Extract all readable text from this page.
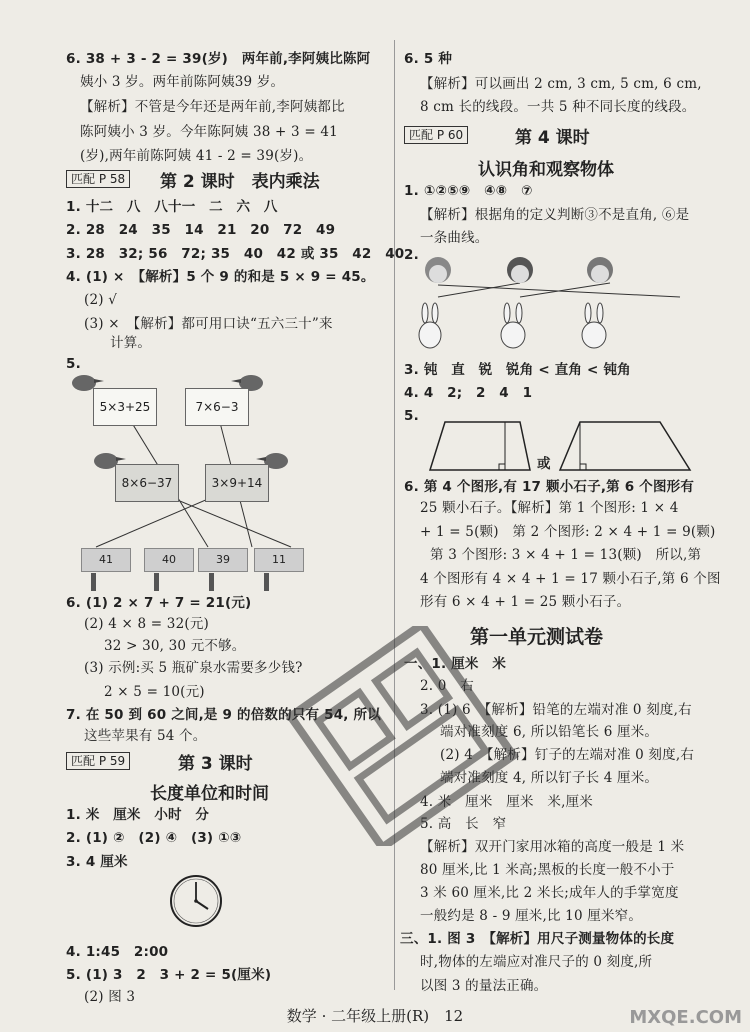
6. 38 + 3 - 2 = 39(岁)　两年前,李阿姨比陈阿
姨小 3 岁。两年前陈阿姨39 岁。
【解析】不管是今年还是两年前,李阿姨都比
陈阿姨小 3 岁。今年陈阿姨 38 + 3 = 41
(岁),两年前陈阿姨 41 - 2 = 39(岁)。
匹配 P 58 第 2 课时　表内乘法
1. 十二　八　八十一　二　六　八
2. 28　24　35　14　21　20　72　49
3. 28　32; 56　72; 35　40　42 或 35　42　40
4. (1) ×　【解析】5 个 9 的和是 5 × 9 = 45。
(2) √
(3) ×　【解析】都可用口诀“五六三十”来
计算。
5.
5×3+25	7×6−3
8×6−37	3×9+14
41	40	39	11
6. (1) 2 × 7 + 7 = 21(元)
(2) 4 × 8 = 32(元)
32 > 30, 30 元不够。
(3) 示例:买 5 瓶矿泉水需要多少钱?
2 × 5 = 10(元)
7. 在 50 到 60 之间,是 9 的倍数的只有 54, 所以
这些苹果有 54 个。
匹配 P 59	第 3 课时
长度单位和时间
1. 米　厘米　小时　分
2. (1) ②　(2) ④　(3) ①③
3. 4 厘米
4. 1:45　2:00
5. (1) 3　2　3 + 2 = 5(厘米)
(2) 图 3
6. 5 种
【解析】可以画出 2 cm, 3 cm, 5 cm, 6 cm,
8 cm 长的线段。一共 5 种不同长度的线段。
匹配 P 60	第 4 课时
认识角和观察物体
1. ①②⑤⑨　④⑧　⑦
【解析】根据角的定义判断③不是直角, ⑥是
一条曲线。
2.
3. 钝　直　锐　锐角 < 直角 < 钝角
4. 4　2;　2　4　1
5.
或
6. 第 4 个图形,有 17 颗小石子,第 6 个图形有
25 颗小石子。【解析】第 1 个图形: 1 × 4
+ 1 = 5(颗)　第 2 个图形: 2 × 4 + 1 = 9(颗)
第 3 个图形: 3 × 4 + 1 = 13(颗)　所以,第
4 个图形有 4 × 4 + 1 = 17 颗小石子,第 6 个图
形有 6 × 4 + 1 = 25 颗小石子。
第一单元测试卷
一、1. 厘米　米
2. 0　右
3. (1) 6　【解析】铅笔的左端对准 0 刻度,右
端对准刻度 6, 所以铅笔长 6 厘米。
(2) 4　【解析】钉子的左端对准 0 刻度,右
端对准刻度 4, 所以钉子长 4 厘米。
4. 米　厘米　厘米　米,厘米
5. 高　长　窄
【解析】双开门家用冰箱的高度一般是 1 米
80 厘米,比 1 米高;黑板的长度一般不小于
3 米 60 厘米,比 2 米长;成年人的手掌宽度
一般约是 8 - 9 厘米,比 10 厘米窄。
三、1. 图 3　【解析】用尺子测量物体的长度
时,物体的左端应对准尺子的 0 刻度,所
以图 3 的量法正确。
数学 · 二年级上册(R)　12	MXQE.COM
